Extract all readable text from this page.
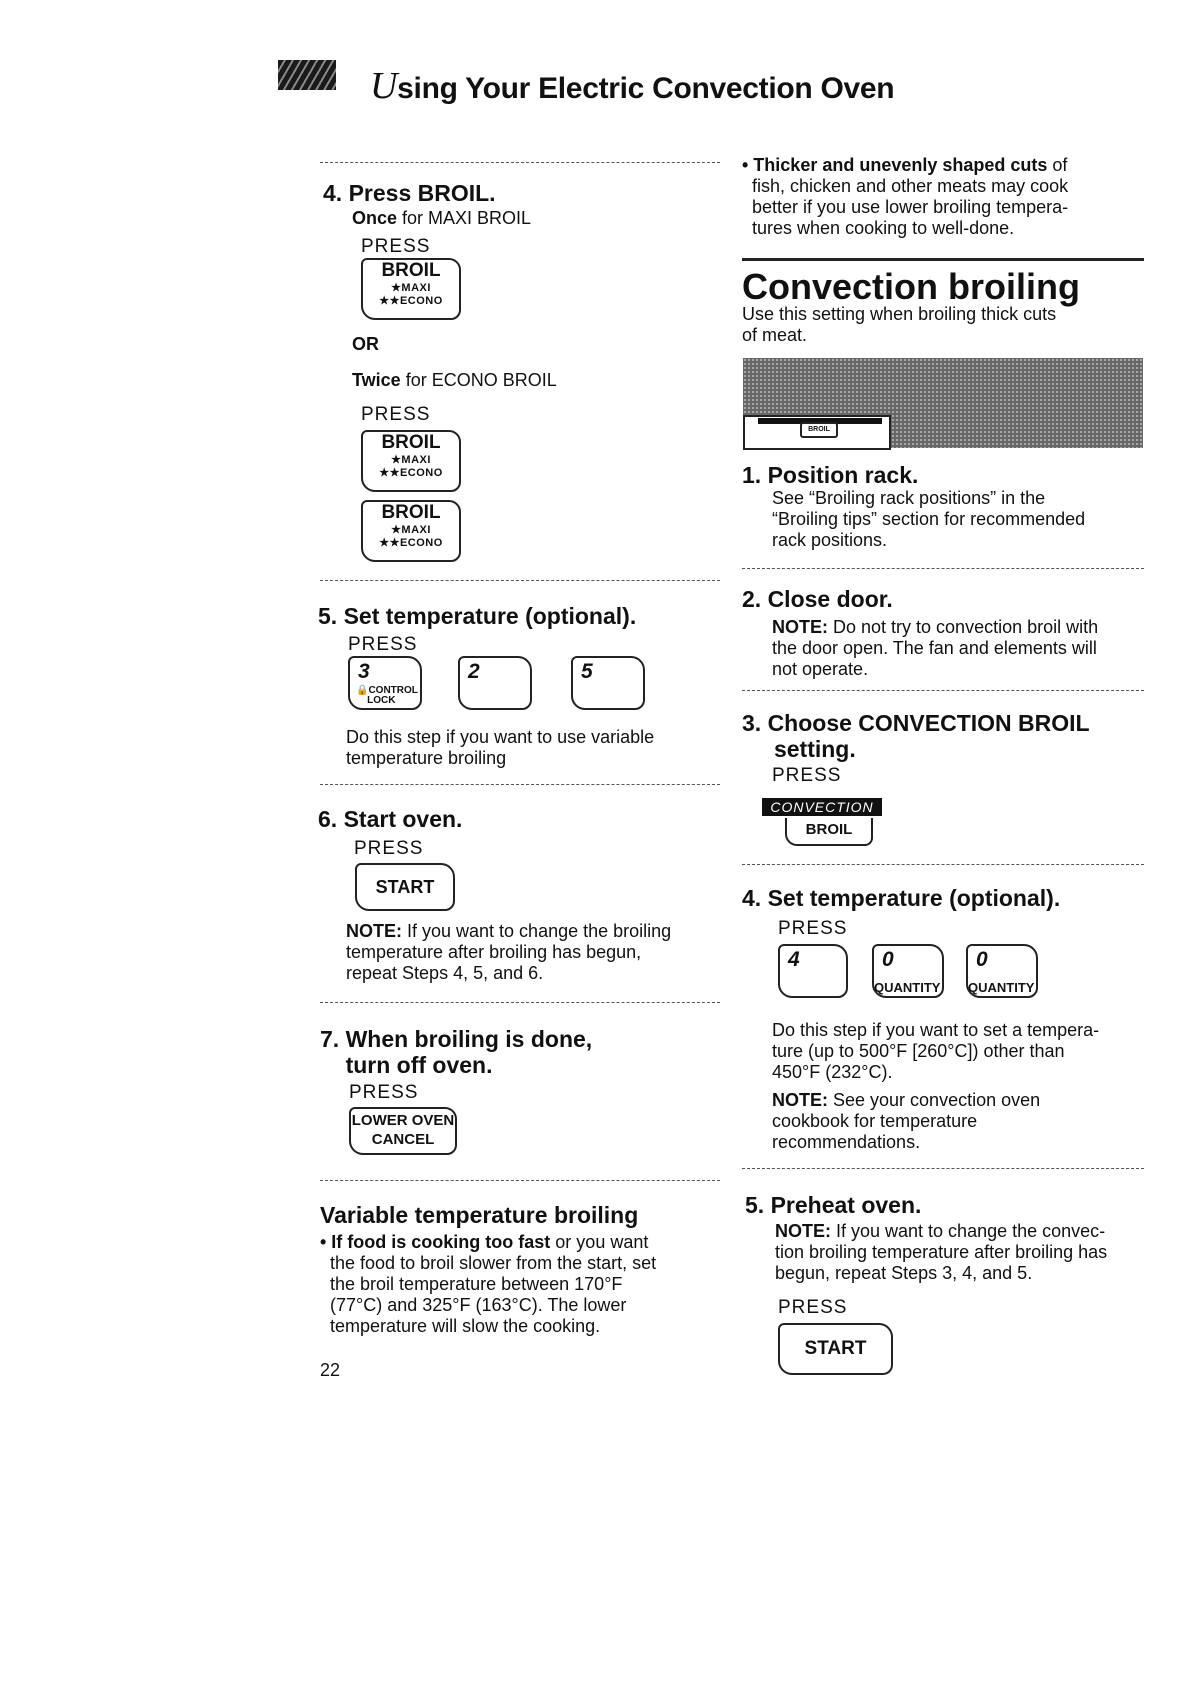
Using Your Electric Convection Oven
4. Press BROIL.
Once for MAXI BROIL
PRESS
BROIL
★MAXI
★★ECONO
OR
Twice for ECONO BROIL
PRESS
BROIL
★MAXI
★★ECONO
BROIL
★MAXI
★★ECONO
5. Set temperature (optional).
PRESS
3
🔒CONTROL
LOCK
2	5
Do this step if you want to use variable
temperature broiling
6. Start oven.
PRESS
START
NOTE: If you want to change the broiling
temperature after broiling has begun,
repeat Steps 4, 5, and 6.
7. When broiling is done,
turn off oven.
PRESS
LOWER OVEN
CANCEL
Variable temperature broiling
• If food is cooking too fast or you want
the food to broil slower from the start, set
the broil temperature between 170°F
(77°C) and 325°F (163°C). The lower
temperature will slow the cooking.
22
• Thicker and unevenly shaped cuts of
fish, chicken and other meats may cook
better if you use lower broiling tempera-
tures when cooking to well-done.
Convection broiling
Use this setting when broiling thick cuts
of meat.
BROIL
1. Position rack.
See “Broiling rack positions” in the
“Broiling tips” section for recommended
rack positions.
2. Close door.
NOTE: Do not try to convection broil with
the door open. The fan and elements will
not operate.
3. Choose CONVECTION BROIL
setting.
PRESS
CONVECTION
BROIL
4. Set temperature (optional).
PRESS
4	0
QUANTITY
0
QUANTITY
Do this step if you want to set a tempera-
ture (up to 500°F [260°C]) other than
450°F (232°C).
NOTE: See your convection oven
cookbook for temperature
recommendations.
5. Preheat oven.
NOTE: If you want to change the convec-
tion broiling temperature after broiling has
begun, repeat Steps 3, 4, and 5.
PRESS
START
